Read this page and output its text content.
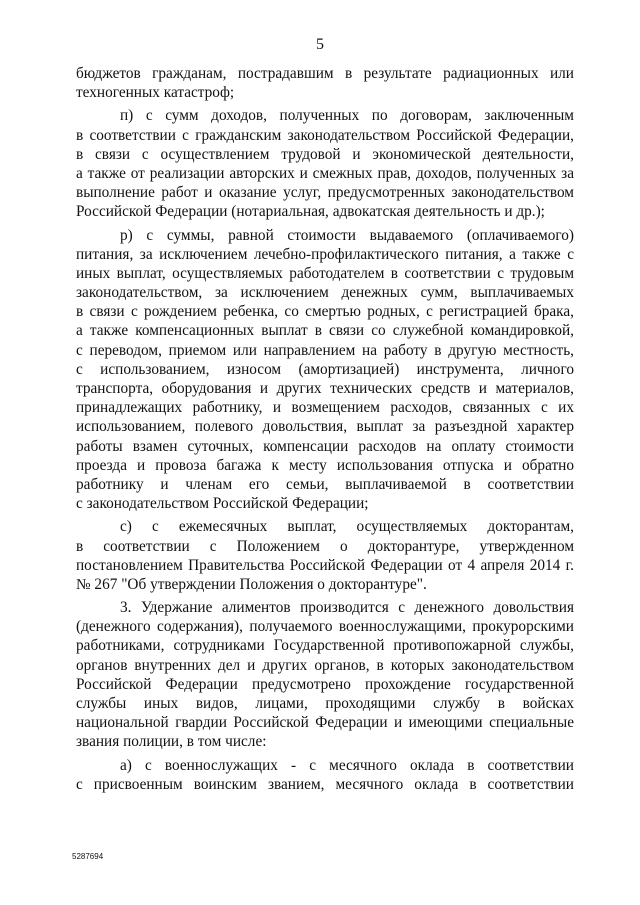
5
бюджетов гражданам, пострадавшим в результате радиационных или
техногенных катастроф;
п) с сумм доходов, полученных по договорам, заключенным
в соответствии с гражданским законодательством Российской Федерации,
в связи с осуществлением трудовой и экономической деятельности,
а также от реализации авторских и смежных прав, доходов, полученных за
выполнение работ и оказание услуг, предусмотренных законодательством
Российской Федерации (нотариальная, адвокатская деятельность и др.);
р) с суммы, равной стоимости выдаваемого (оплачиваемого)
питания, за исключением лечебно-профилактического питания, а также с
иных выплат, осуществляемых работодателем в соответствии с трудовым
законодательством, за исключением денежных сумм, выплачиваемых
в связи с рождением ребенка, со смертью родных, с регистрацией брака,
а также компенсационных выплат в связи со служебной командировкой,
с переводом, приемом или направлением на работу в другую местность,
с использованием, износом (амортизацией) инструмента, личного
транспорта, оборудования и других технических средств и материалов,
принадлежащих работнику, и возмещением расходов, связанных с их
использованием, полевого довольствия, выплат за разъездной характер
работы взамен суточных, компенсации расходов на оплату стоимости
проезда и провоза багажа к месту использования отпуска и обратно
работнику и членам его семьи, выплачиваемой в соответствии
с законодательством Российской Федерации;
с) с ежемесячных выплат, осуществляемых докторантам,
в соответствии с Положением о докторантуре, утвержденном
постановлением Правительства Российской Федерации от 4 апреля 2014 г.
№ 267 "Об утверждении Положения о докторантуре".
3. Удержание алиментов производится с денежного довольствия
(денежного содержания), получаемого военнослужащими, прокурорскими
работниками, сотрудниками Государственной противопожарной службы,
органов внутренних дел и других органов, в которых законодательством
Российской Федерации предусмотрено прохождение государственной
службы иных видов, лицами, проходящими службу в войсках
национальной гвардии Российской Федерации и имеющими специальные
звания полиции, в том числе:
а) с военнослужащих - с месячного оклада в соответствии
с присвоенным воинским званием, месячного оклада в соответствии
5287694
